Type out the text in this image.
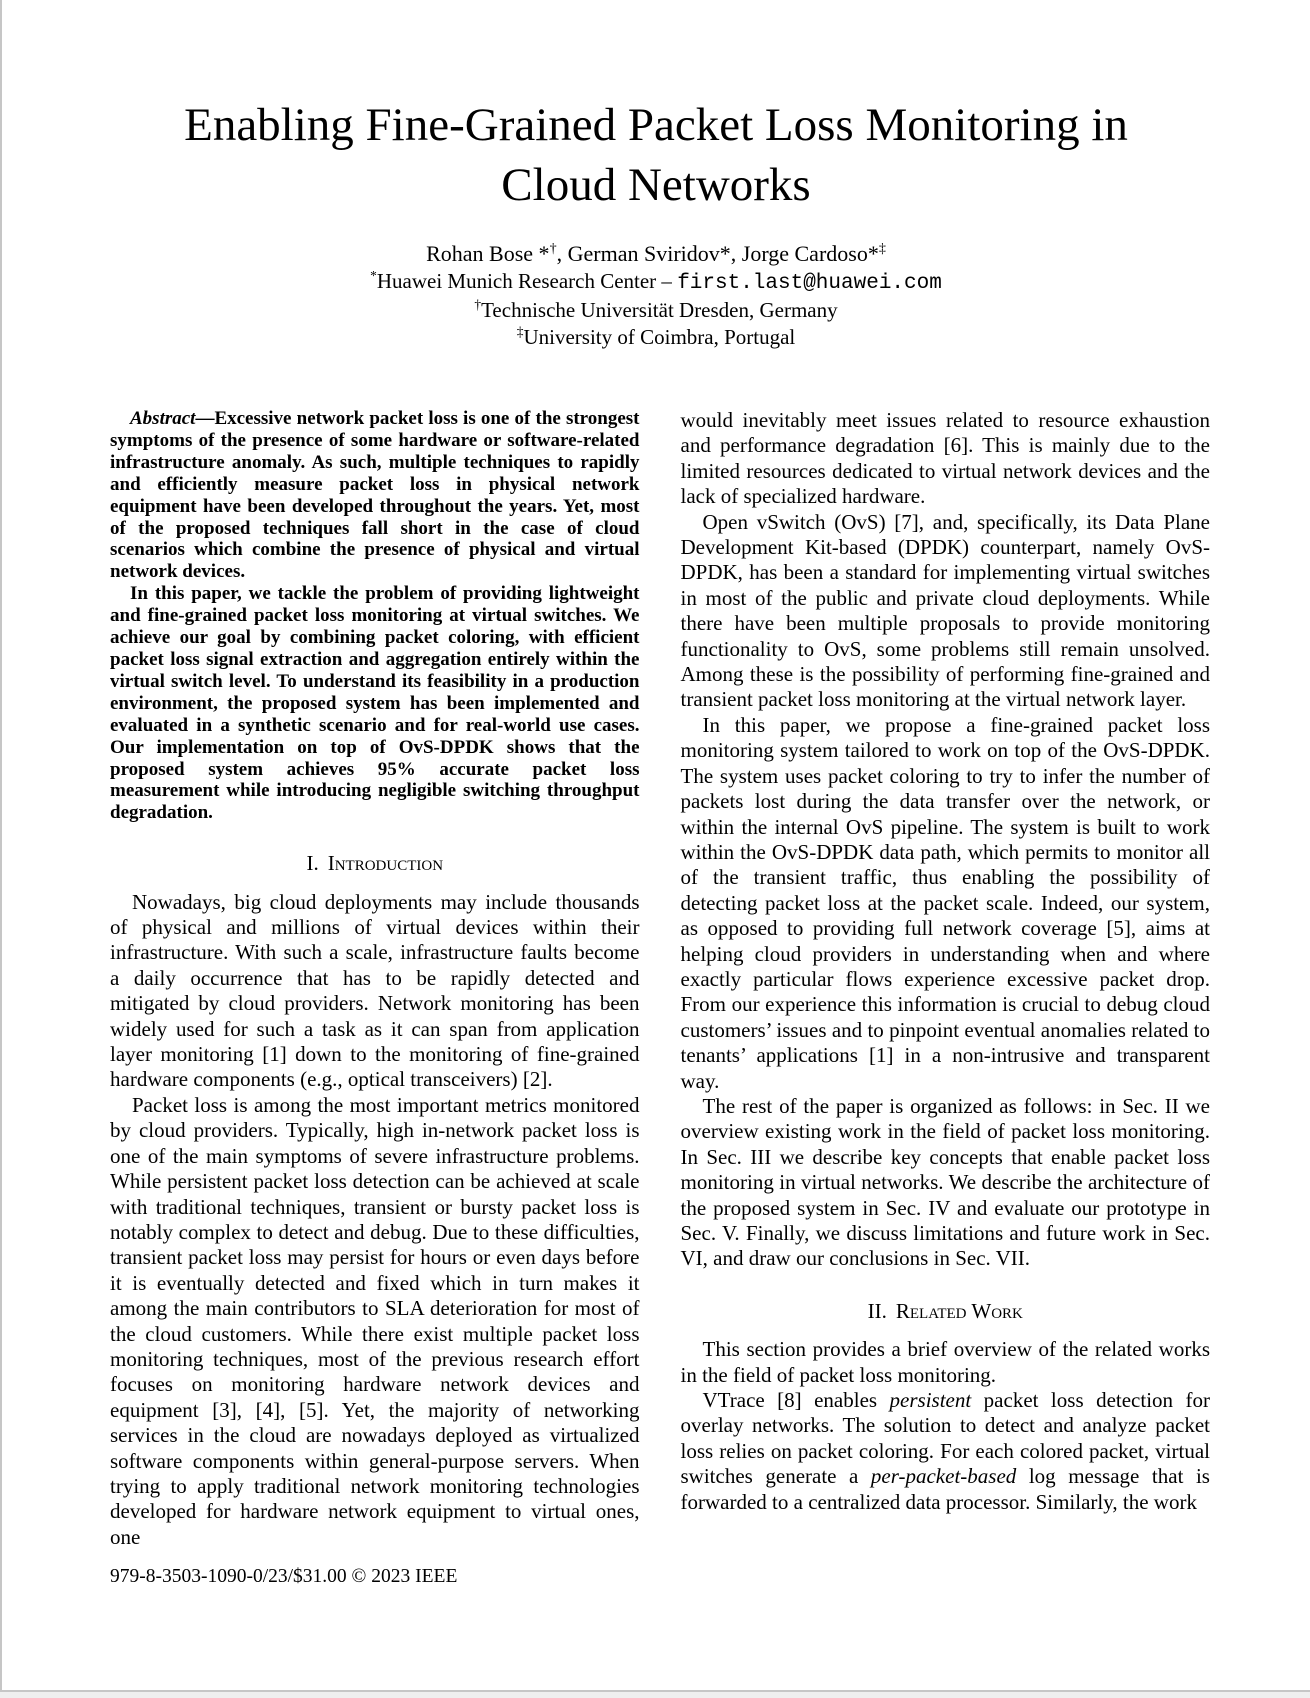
Enabling Fine-Grained Packet Loss Monitoring in
Cloud Networks
Rohan Bose *†, German Sviridov*, Jorge Cardoso*‡
*Huawei Munich Research Center – first.last@huawei.com
†Technische Universität Dresden, Germany
‡University of Coimbra, Portugal

Abstract—Excessive network packet loss is one of the strongest symptoms of the presence of some hardware or software-related infrastructure anomaly. As such, multiple techniques to rapidly and efficiently measure packet loss in physical network equipment have been developed throughout the years. Yet, most of the proposed techniques fall short in the case of cloud scenarios which combine the presence of physical and virtual network devices.

In this paper, we tackle the problem of providing lightweight and fine-grained packet loss monitoring at virtual switches. We achieve our goal by combining packet coloring, with efficient packet loss signal extraction and aggregation entirely within the virtual switch level. To understand its feasibility in a production environment, the proposed system has been implemented and evaluated in a synthetic scenario and for real-world use cases. Our implementation on top of OvS-DPDK shows that the proposed system achieves 95% accurate packet loss measurement while introducing negligible switching throughput degradation.

I. Introduction

Nowadays, big cloud deployments may include thousands of physical and millions of virtual devices within their infrastructure. With such a scale, infrastructure faults become a daily occurrence that has to be rapidly detected and mitigated by cloud providers. Network monitoring has been widely used for such a task as it can span from application layer monitoring [1] down to the monitoring of fine-grained hardware components (e.g., optical transceivers) [2].

Packet loss is among the most important metrics monitored by cloud providers. Typically, high in-network packet loss is one of the main symptoms of severe infrastructure problems. While persistent packet loss detection can be achieved at scale with traditional techniques, transient or bursty packet loss is notably complex to detect and debug. Due to these difficulties, transient packet loss may persist for hours or even days before it is eventually detected and fixed which in turn makes it among the main contributors to SLA deterioration for most of the cloud customers. While there exist multiple packet loss monitoring techniques, most of the previous research effort focuses on monitoring hardware network devices and equipment [3], [4], [5]. Yet, the majority of networking services in the cloud are nowadays deployed as virtualized software components within general-purpose servers. When trying to apply traditional network monitoring technologies developed for hardware network equipment to virtual ones, one

979-8-3503-1090-0/23/$31.00 © 2023 IEEE

would inevitably meet issues related to resource exhaustion and performance degradation [6]. This is mainly due to the limited resources dedicated to virtual network devices and the lack of specialized hardware.

Open vSwitch (OvS) [7], and, specifically, its Data Plane Development Kit-based (DPDK) counterpart, namely OvS-DPDK, has been a standard for implementing virtual switches in most of the public and private cloud deployments. While there have been multiple proposals to provide monitoring functionality to OvS, some problems still remain unsolved. Among these is the possibility of performing fine-grained and transient packet loss monitoring at the virtual network layer.

In this paper, we propose a fine-grained packet loss monitoring system tailored to work on top of the OvS-DPDK. The system uses packet coloring to try to infer the number of packets lost during the data transfer over the network, or within the internal OvS pipeline. The system is built to work within the OvS-DPDK data path, which permits to monitor all of the transient traffic, thus enabling the possibility of detecting packet loss at the packet scale. Indeed, our system, as opposed to providing full network coverage [5], aims at helping cloud providers in understanding when and where exactly particular flows experience excessive packet drop. From our experience this information is crucial to debug cloud customers’ issues and to pinpoint eventual anomalies related to tenants’ applications [1] in a non-intrusive and transparent way.

The rest of the paper is organized as follows: in Sec. II we overview existing work in the field of packet loss monitoring. In Sec. III we describe key concepts that enable packet loss monitoring in virtual networks. We describe the architecture of the proposed system in Sec. IV and evaluate our prototype in Sec. V. Finally, we discuss limitations and future work in Sec. VI, and draw our conclusions in Sec. VII.

II. Related Work

This section provides a brief overview of the related works in the field of packet loss monitoring.

VTrace [8] enables persistent packet loss detection for overlay networks. The solution to detect and analyze packet loss relies on packet coloring. For each colored packet, virtual switches generate a per-packet-based log message that is forwarded to a centralized data processor. Similarly, the work
